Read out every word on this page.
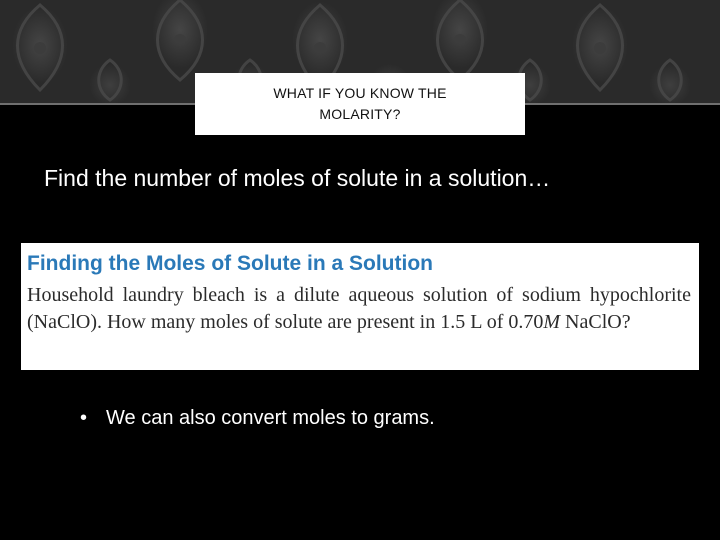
WHAT IF YOU KNOW THE MOLARITY?
Find the number of moles of solute in a solution…
Finding the Moles of Solute in a Solution
Household laundry bleach is a dilute aqueous solution of sodium hypochlorite (NaClO). How many moles of solute are present in 1.5 L of 0.70M NaClO?
• We can also convert moles to grams.
